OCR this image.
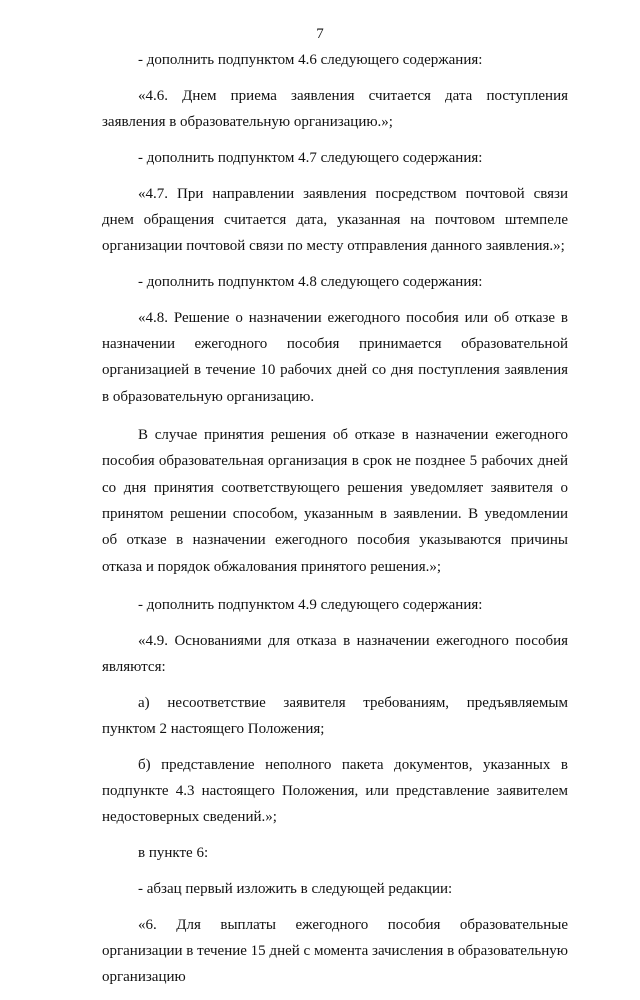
7

- дополнить подпунктом 4.6 следующего содержания:

«4.6. Днем приема заявления считается дата поступления заявления в образовательную организацию.»;

- дополнить подпунктом 4.7 следующего содержания:

«4.7. При направлении заявления посредством почтовой связи днем обращения считается дата, указанная на почтовом штемпеле организации почтовой связи по месту отправления данного заявления.»;

- дополнить подпунктом 4.8 следующего содержания:

«4.8. Решение о назначении ежегодного пособия или об отказе в назначении ежегодного пособия принимается образовательной организацией в течение 10 рабочих дней со дня поступления заявления в образовательную организацию.

В случае принятия решения об отказе в назначении ежегодного пособия образовательная организация в срок не позднее 5 рабочих дней со дня принятия соответствующего решения уведомляет заявителя о принятом решении способом, указанным в заявлении. В уведомлении об отказе в назначении ежегодного пособия указываются причины отказа и порядок обжалования принятого решения.»;

- дополнить подпунктом 4.9 следующего содержания:

«4.9. Основаниями для отказа в назначении ежегодного пособия являются:

а) несоответствие заявителя требованиям, предъявляемым пунктом 2 настоящего Положения;

б) представление неполного пакета документов, указанных в подпункте 4.3 настоящего Положения, или представление заявителем недостоверных сведений.»;

в пункте 6:

- абзац первый изложить в следующей редакции:

«6. Для выплаты ежегодного пособия образовательные организации в течение 15 дней с момента зачисления в образовательную организацию
